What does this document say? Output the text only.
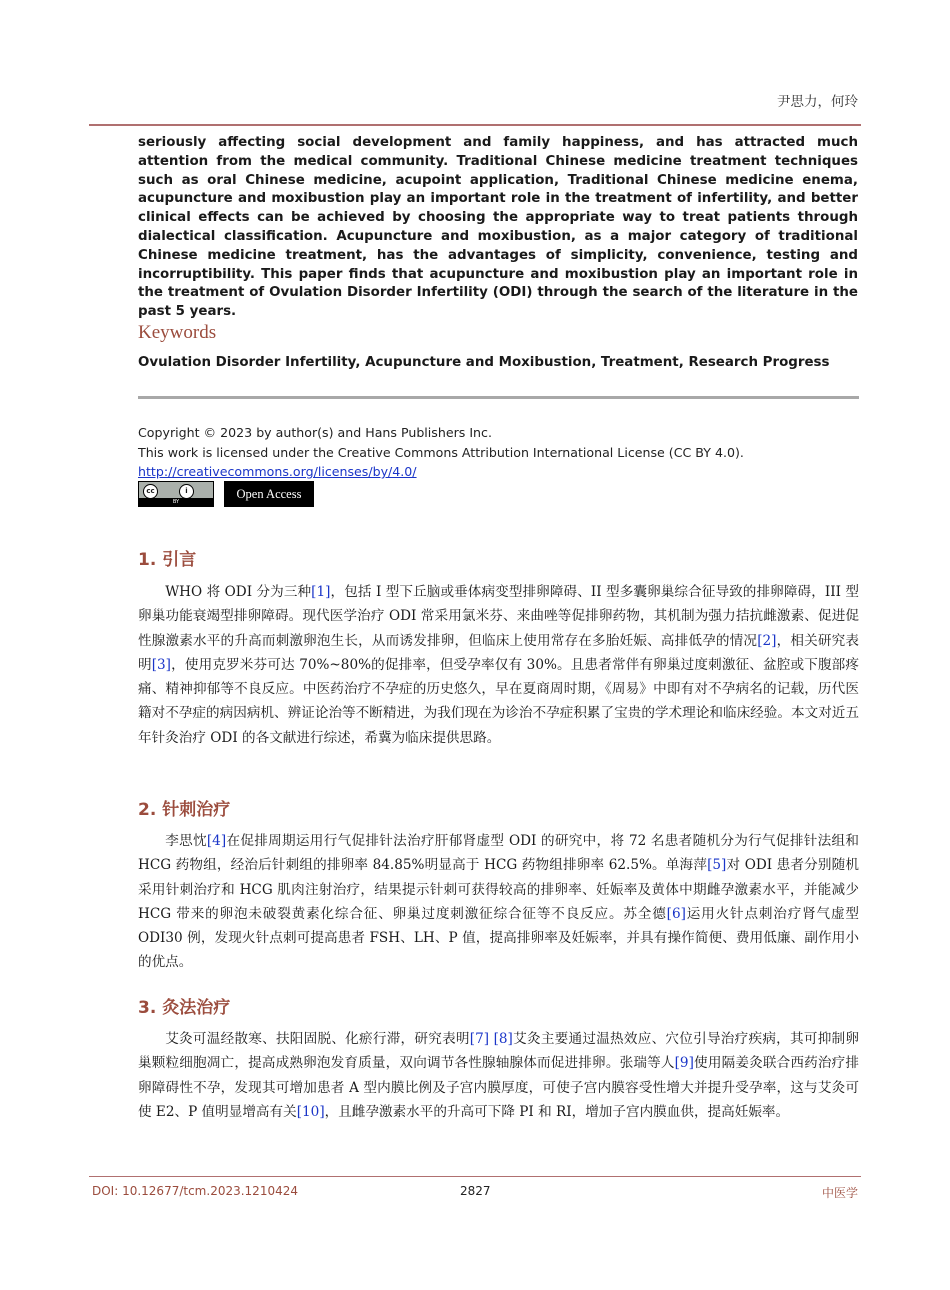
尹思力，何玲
seriously affecting social development and family happiness, and has attracted much attention from the medical community. Traditional Chinese medicine treatment techniques such as oral Chinese medicine, acupoint application, Traditional Chinese medicine enema, acupuncture and moxibustion play an important role in the treatment of infertility, and better clinical effects can be achieved by choosing the appropriate way to treat patients through dialectical classification. Acupuncture and moxibustion, as a major category of traditional Chinese medicine treatment, has the advantages of simplicity, convenience, testing and incorruptibility. This paper finds that acupuncture and moxibustion play an important role in the treatment of Ovulation Disorder Infertility (ODI) through the search of the literature in the past 5 years.
Keywords
Ovulation Disorder Infertility, Acupuncture and Moxibustion, Treatment, Research Progress
Copyright © 2023 by author(s) and Hans Publishers Inc.
This work is licensed under the Creative Commons Attribution International License (CC BY 4.0).
http://creativecommons.org/licenses/by/4.0/
cc	i
BY
Open Access
1. 引言
WHO 将 ODI 分为三种[1]，包括 I 型下丘脑或垂体病变型排卵障碍、II 型多囊卵巢综合征导致的排卵障碍，III 型卵巢功能衰竭型排卵障碍。现代医学治疗 ODI 常采用氯米芬、来曲唑等促排卵药物，其机制为强力拮抗雌激素、促进促性腺激素水平的升高而刺激卵泡生长，从而诱发排卵，但临床上使用常存在多胎妊娠、高排低孕的情况[2]，相关研究表明[3]，使用克罗米芬可达 70%~80%的促排率，但受孕率仅有 30%。且患者常伴有卵巢过度刺激征、盆腔或下腹部疼痛、精神抑郁等不良反应。中医药治疗不孕症的历史悠久，早在夏商周时期，《周易》中即有对不孕病名的记载，历代医籍对不孕症的病因病机、辨证论治等不断精进，为我们现在为诊治不孕症积累了宝贵的学术理论和临床经验。本文对近五年针灸治疗 ODI 的各文献进行综述，希冀为临床提供思路。
2. 针刺治疗
李思忱[4]在促排周期运用行气促排针法治疗肝郁肾虚型 ODI 的研究中，将 72 名患者随机分为行气促排针法组和 HCG 药物组，经治后针刺组的排卵率 84.85%明显高于 HCG 药物组排卵率 62.5%。单海萍[5]对 ODI 患者分别随机采用针刺治疗和 HCG 肌肉注射治疗，结果提示针刺可获得较高的排卵率、妊娠率及黄体中期雌孕激素水平，并能减少 HCG 带来的卵泡未破裂黄素化综合征、卵巢过度刺激征综合征等不良反应。苏全德[6]运用火针点刺治疗肾气虚型 ODI30 例，发现火针点刺可提高患者 FSH、LH、P 值，提高排卵率及妊娠率，并具有操作简便、费用低廉、副作用小的优点。
3. 灸法治疗
艾灸可温经散寒、扶阳固脱、化瘀行滞，研究表明[7] [8]艾灸主要通过温热效应、穴位引导治疗疾病，其可抑制卵巢颗粒细胞凋亡，提高成熟卵泡发育质量，双向调节各性腺轴腺体而促进排卵。张瑞等人[9]使用隔姜灸联合西药治疗排卵障碍性不孕，发现其可增加患者 A 型内膜比例及子宫内膜厚度，可使子宫内膜容受性增大并提升受孕率，这与艾灸可使 E2、P 值明显增高有关[10]，且雌孕激素水平的升高可下降 PI 和 RI，增加子宫内膜血供，提高妊娠率。
DOI: 10.12677/tcm.2023.1210424	2827	中医学
